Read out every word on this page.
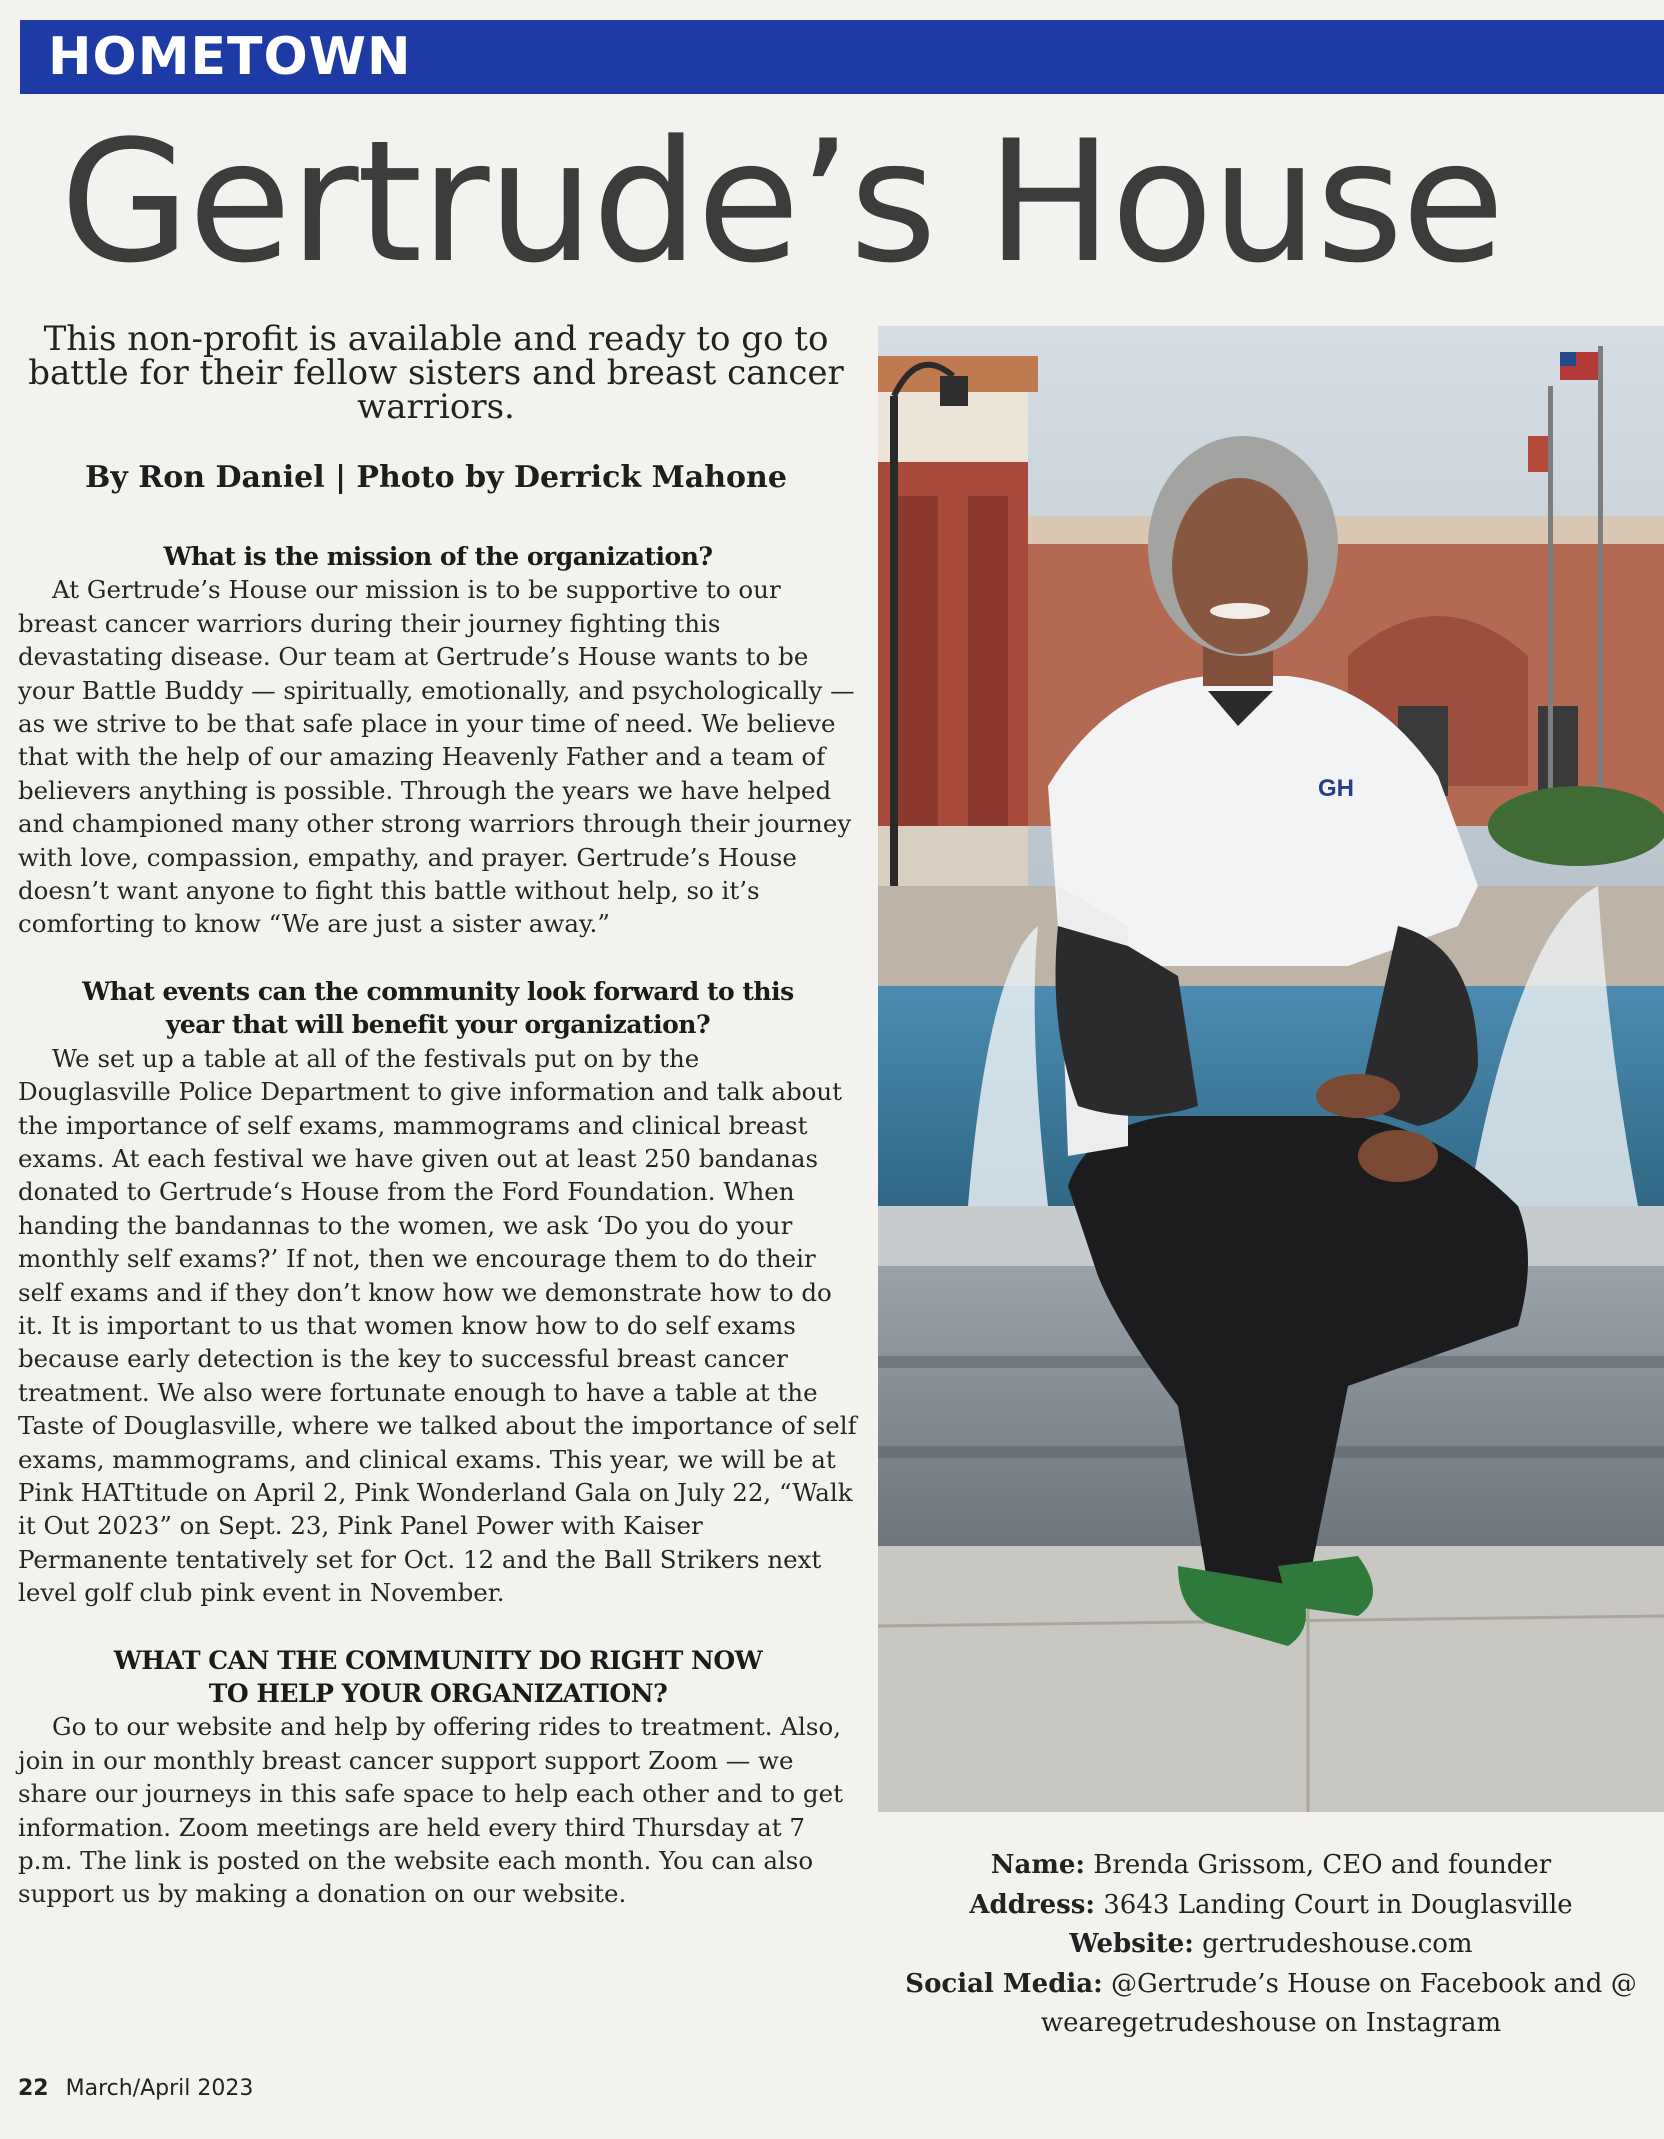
HOMETOWN
Gertrude’s House
This non-profit is available and ready to go to battle for their fellow sisters and breast cancer warriors.
By Ron Daniel | Photo by Derrick Mahone

What is the mission of the organization?

At Gertrude’s House our mission is to be supportive to our breast cancer warriors during their journey fighting this devastating disease. Our team at Gertrude’s House wants to be your Battle Buddy — spiritually, emotionally, and psychologically — as we strive to be that safe place in your time of need. We believe that with the help of our amazing Heavenly Father and a team of believers anything is possible. Through the years we have helped and championed many other strong warriors through their journey with love, compassion, empathy, and prayer. Gertrude’s House doesn’t want anyone to fight this battle without help, so it’s comforting to know “We are just a sister away.”

What events can the community look forward to this year that will benefit your organization?

We set up a table at all of the festivals put on by the Douglasville Police Department to give information and talk about the importance of self exams, mammograms and clinical breast exams. At each festival we have given out at least 250 bandanas donated to Gertrude‘s House from the Ford Foundation. When handing the bandannas to the women, we ask ‘Do you do your monthly self exams?’ If not, then we encourage them to do their self exams and if they don’t know how we demonstrate how to do it. It is important to us that women know how to do self exams because early detection is the key to successful breast cancer treatment. We also were fortunate enough to have a table at the Taste of Douglasville, where we talked about the importance of self exams, mammograms, and clinical exams. This year, we will be at Pink HATtitude on April 2, Pink Wonderland Gala on July 22, “Walk it Out 2023” on Sept. 23, Pink Panel Power with Kaiser Permanente tentatively set for Oct. 12 and the Ball Strikers next level golf club pink event in November.

WHAT CAN THE COMMUNITY DO RIGHT NOW TO HELP YOUR ORGANIZATION?

Go to our website and help by offering rides to treatment. Also, join in our monthly breast cancer support support Zoom — we share our journeys in this safe space to help each other and to get information. Zoom meetings are held every third Thursday at 7 p.m. The link is posted on the website each month. You can also support us by making a donation on our website.

GH
Name: Brenda Grissom, CEO and founder
Address: 3643 Landing Court in Douglasville
Website: gertrudeshouse.com
Social Media: @Gertrude’s House on Facebook and @
wearegetrudeshouse on Instagram
22 March/April 2023
